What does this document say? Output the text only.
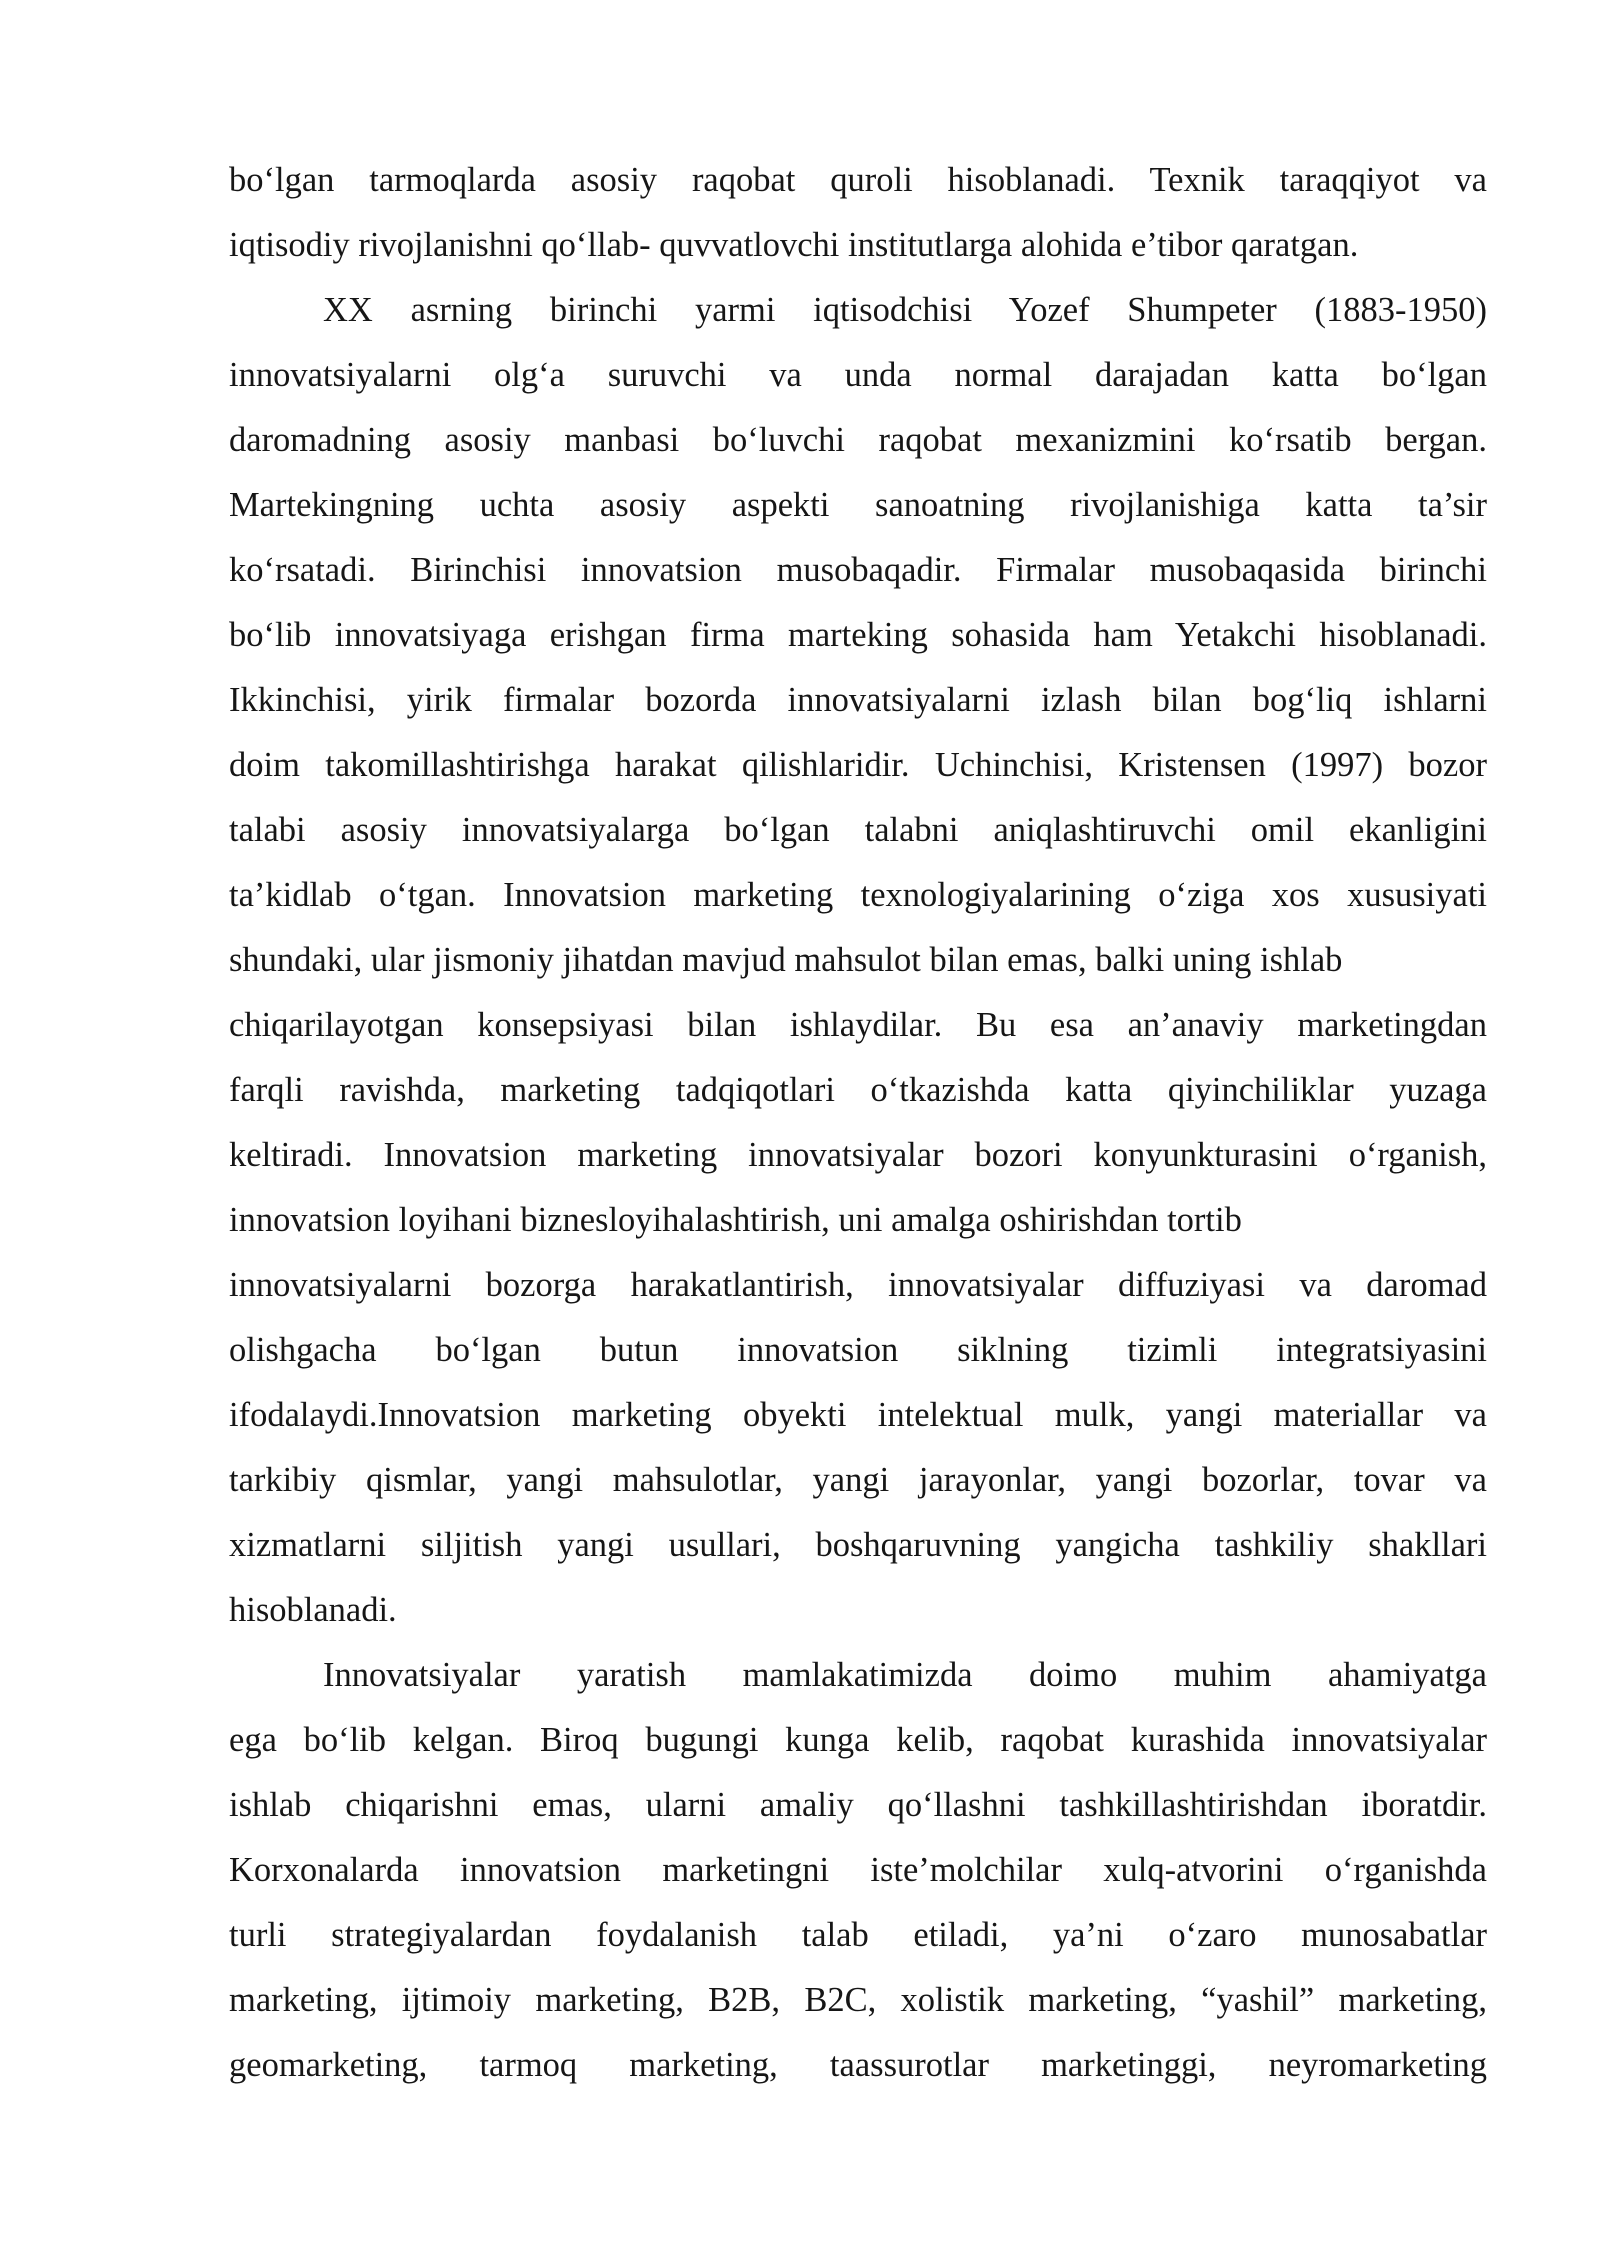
bo‘lgan tarmoqlarda asosiy raqobat quroli hisoblanadi. Texnik taraqqiyot va
iqtisodiy rivojlanishni qo‘llab- quvvatlovchi institutlarga alohida e’tibor qaratgan.
XX asrning birinchi yarmi iqtisodchisi Yozef Shumpeter (1883-1950)
innovatsiyalarni olg‘a suruvchi va unda normal darajadan katta bo‘lgan
daromadning asosiy manbasi bo‘luvchi raqobat mexanizmini ko‘rsatib bergan.
Martekingning uchta asosiy aspekti sanoatning rivojlanishiga katta ta’sir
ko‘rsatadi. Birinchisi innovatsion musobaqadir. Firmalar musobaqasida birinchi
bo‘lib innovatsiyaga erishgan firma marteking sohasida ham Yetakchi hisoblanadi.
Ikkinchisi, yirik firmalar bozorda innovatsiyalarni izlash bilan bog‘liq ishlarni
doim takomillashtirishga harakat qilishlaridir. Uchinchisi, Kristensen (1997) bozor
talabi asosiy innovatsiyalarga bo‘lgan talabni aniqlashtiruvchi omil ekanligini
ta’kidlab o‘tgan. Innovatsion marketing texnologiyalarining o‘ziga xos xususiyati
shundaki, ular jismoniy jihatdan mavjud mahsulot bilan emas, balki uning ishlab
chiqarilayotgan konsepsiyasi bilan ishlaydilar. Bu esa an’anaviy marketingdan
farqli ravishda, marketing tadqiqotlari o‘tkazishda katta qiyinchiliklar yuzaga
keltiradi. Innovatsion marketing innovatsiyalar bozori konyunkturasini o‘rganish,
innovatsion loyihani biznesloyihalashtirish, uni amalga oshirishdan tortib
innovatsiyalarni bozorga harakatlantirish, innovatsiyalar diffuziyasi va daromad
olishgacha bo‘lgan butun innovatsion siklning tizimli integratsiyasini
ifodalaydi.Innovatsion marketing obyekti intelektual mulk, yangi materiallar va
tarkibiy qismlar, yangi mahsulotlar, yangi jarayonlar, yangi bozorlar, tovar va
xizmatlarni siljitish yangi usullari, boshqaruvning yangicha tashkiliy shakllari
hisoblanadi.
Innovatsiyalar yaratish mamlakatimizda doimo muhim ahamiyatga
ega bo‘lib kelgan. Biroq bugungi kunga kelib, raqobat kurashida innovatsiyalar
ishlab chiqarishni emas, ularni amaliy qo‘llashni tashkillashtirishdan iboratdir.
Korxonalarda innovatsion marketingni iste’molchilar xulq-atvorini o‘rganishda
turli strategiyalardan foydalanish talab etiladi, ya’ni o‘zaro munosabatlar
marketing, ijtimoiy marketing, B2B, B2C, xolistik marketing, “yashil” marketing,
geomarketing, tarmoq marketing, taassurotlar marketinggi, neyromarketing
